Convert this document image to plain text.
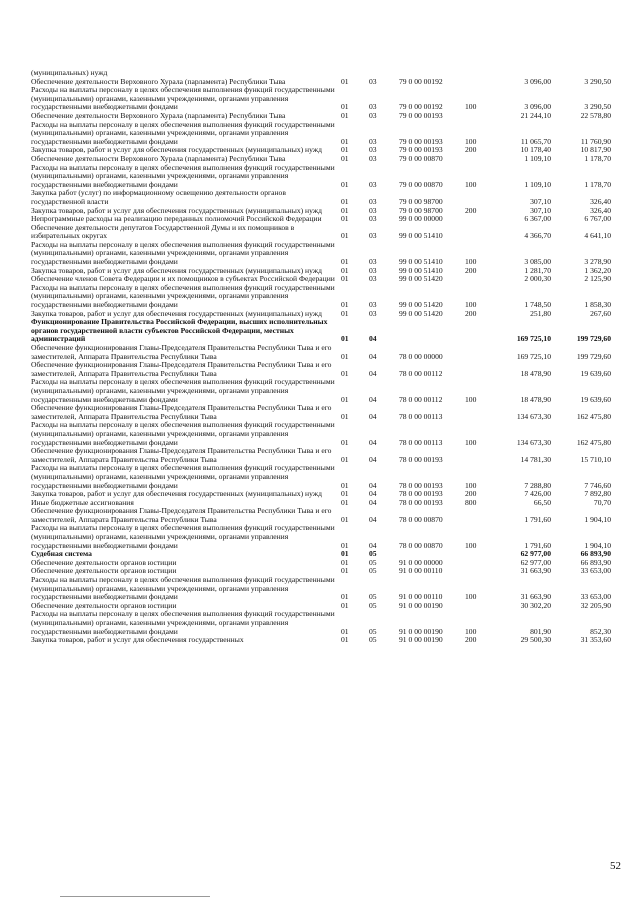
(муниципальных) нужд						
Обеспечение деятельности Верховного Хурала (парламента) Республики Тыва	01	03	79 0 00 00192		3 096,00	3 290,50
Расходы на выплаты персоналу в целях обеспечения выполнения функций государственными (муниципальными) органами, казенными учреждениями, органами управления государственными внебюджетными фондами	01	03	79 0 00 00192	100	3 096,00	3 290,50
Обеспечение деятельности Верховного Хурала (парламента) Республики Тыва	01	03	79 0 00 00193		21 244,10	22 578,80
Расходы на выплаты персоналу в целях обеспечения выполнения функций государственными (муниципальными) органами, казенными учреждениями, органами управления государственными внебюджетными фондами	01	03	79 0 00 00193	100	11 065,70	11 760,90
Закупка товаров, работ и услуг для обеспечения государственных (муниципальных) нужд	01	03	79 0 00 00193	200	10 178,40	10 817,90
Обеспечение деятельности Верховного Хурала (парламента) Республики Тыва	01	03	79 0 00 00870		1 109,10	1 178,70
Расходы на выплаты персоналу в целях обеспечения выполнения функций государственными (муниципальными) органами, казенными учреждениями, органами управления государственными внебюджетными фондами	01	03	79 0 00 00870	100	1 109,10	1 178,70
Закупка работ (услуг) по информационному освещению деятельности органов государственной власти	01	03	79 0 00 98700		307,10	326,40
Закупка товаров, работ и услуг для обеспечения государственных (муниципальных) нужд	01	03	79 0 00 98700	200	307,10	326,40
Непрограммные расходы на реализацию переданных полномочий Российской Федерации	01	03	99 0 00 00000		6 367,00	6 767,00
Обеспечение деятельности депутатов Государственной Думы и их помощников в избирательных округах	01	03	99 0 00 51410		4 366,70	4 641,10
Расходы на выплаты персоналу в целях обеспечения выполнения функций государственными (муниципальными) органами, казенными учреждениями, органами управления государственными внебюджетными фондами	01	03	99 0 00 51410	100	3 085,00	3 278,90
Закупка товаров, работ и услуг для обеспечения государственных (муниципальных) нужд	01	03	99 0 00 51410	200	1 281,70	1 362,20
Обеспечение членов Совета Федерации и их помощников в субъектах Российской Федерации	01	03	99 0 00 51420		2 000,30	2 125,90
Расходы на выплаты персоналу в целях обеспечения выполнения функций государственными (муниципальными) органами, казенными учреждениями, органами управления государственными внебюджетными фондами	01	03	99 0 00 51420	100	1 748,50	1 858,30
Закупка товаров, работ и услуг для обеспечения государственных (муниципальных) нужд	01	03	99 0 00 51420	200	251,80	267,60
Функционирование Правительства Российской Федерации, высших исполнительных органов государственной власти субъектов Российской Федерации, местных администраций	01	04			169 725,10	199 729,60
Обеспечение функционирования Главы-Председателя Правительства Республики Тыва и его заместителей, Аппарата Правительства Республики Тыва	01	04	78 0 00 00000		169 725,10	199 729,60
Обеспечение функционирования Главы-Председателя Правительства Республики Тыва и его заместителей, Аппарата Правительства Республики Тыва	01	04	78 0 00 00112		18 478,90	19 639,60
Расходы на выплаты персоналу в целях обеспечения выполнения функций государственными (муниципальными) органами, казенными учреждениями, органами управления государственными внебюджетными фондами	01	04	78 0 00 00112	100	18 478,90	19 639,60
Обеспечение функционирования Главы-Председателя Правительства Республики Тыва и его заместителей, Аппарата Правительства Республики Тыва	01	04	78 0 00 00113		134 673,30	162 475,80
Расходы на выплаты персоналу в целях обеспечения выполнения функций государственными (муниципальными) органами, казенными учреждениями, органами управления государственными внебюджетными фондами	01	04	78 0 00 00113	100	134 673,30	162 475,80
Обеспечение функционирования Главы-Председателя Правительства Республики Тыва и его заместителей, Аппарата Правительства Республики Тыва	01	04	78 0 00 00193		14 781,30	15 710,10
Расходы на выплаты персоналу в целях обеспечения выполнения функций государственными (муниципальными) органами, казенными учреждениями, органами управления государственными внебюджетными фондами	01	04	78 0 00 00193	100	7 288,80	7 746,60
Закупка товаров, работ и услуг для обеспечения государственных (муниципальных) нужд	01	04	78 0 00 00193	200	7 426,00	7 892,80
Иные бюджетные ассигнования	01	04	78 0 00 00193	800	66,50	70,70
Обеспечение функционирования Главы-Председателя Правительства Республики Тыва и его заместителей, Аппарата Правительства Республики Тыва	01	04	78 0 00 00870		1 791,60	1 904,10
Расходы на выплаты персоналу в целях обеспечения выполнения функций государственными (муниципальными) органами, казенными учреждениями, органами управления государственными внебюджетными фондами	01	04	78 0 00 00870	100	1 791,60	1 904,10
Судебная система	01	05			62 977,00	66 893,90
Обеспечение деятельности органов юстиции	01	05	91 0 00 00000		62 977,00	66 893,90
Обеспечение деятельности органов юстиции	01	05	91 0 00 00110		31 663,90	33 653,00
Расходы на выплаты персоналу в целях обеспечения выполнения функций государственными (муниципальными) органами, казенными учреждениями, органами управления государственными внебюджетными фондами	01	05	91 0 00 00110	100	31 663,90	33 653,00
Обеспечение деятельности органов юстиции	01	05	91 0 00 00190		30 302,20	32 205,90
Расходы на выплаты персоналу в целях обеспечения выполнения функций государственными (муниципальными) органами, казенными учреждениями, органами управления государственными внебюджетными фондами	01	05	91 0 00 00190	100	801,90	852,30
Закупка товаров, работ и услуг для обеспечения государственных	01	05	91 0 00 00190	200	29 500,30	31 353,60
52
